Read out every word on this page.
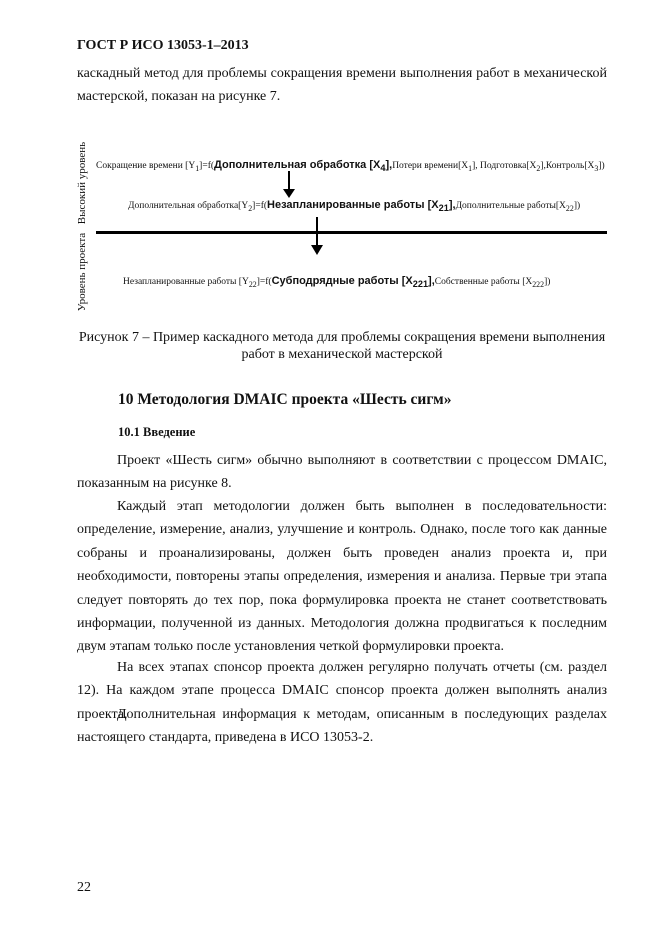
ГОСТ Р ИСО 13053-1–2013
каскадный метод для проблемы сокращения времени выполнения работ в механической
мастерской, показан на рисунке 7.
Высокий уровень
Уровень проекта
Сокращение времени $[Y_1]=f(Дополнительная$ обработка $[X_4],Потери$ $времени[X_1]$, $Подготовка[X_2],Контроль[X_3]$)
Дополнительная $обработка[Y_2]=f(Незапланированные$ работы $[X_{21}],Дополнительные$ $работы[X_{22}]$)
Незапланированные работы $[Y_{22}]=f(Субподрядные$ работы $[X_{221}],Собственные$ работы $[X_{222}]$)
Рисунок 7 – Пример каскадного метода для проблемы сокращения времени выполнения
работ в механической мастерской
10 Методология DMAIC проекта «Шесть сигм»
10.1 Введение
Проект «Шесть сигм» обычно выполняют в соответствии с процессом DMAIC, показанным на рисунке 8.
Каждый этап методологии должен быть выполнен в последовательности: определение, измерение, анализ, улучшение и контроль. Однако, после того как данные собраны и проанализированы, должен быть проведен анализ проекта и, при необходимости, повторены этапы определения, измерения и анализа. Первые три этапа следует повторять до тех пор, пока формулировка проекта не станет соответствовать информации, полученной из данных. Методология должна продвигаться к последним двум этапам только после установления четкой формулировки проекта.
На всех этапах спонсор проекта должен регулярно получать отчеты (см. раздел 12). На каждом этапе процесса DMAIC спонсор проекта должен выполнять анализ проекта.
Дополнительная информация к методам, описанным в последующих разделах настоящего стандарта, приведена в ИСО 13053-2.
22
